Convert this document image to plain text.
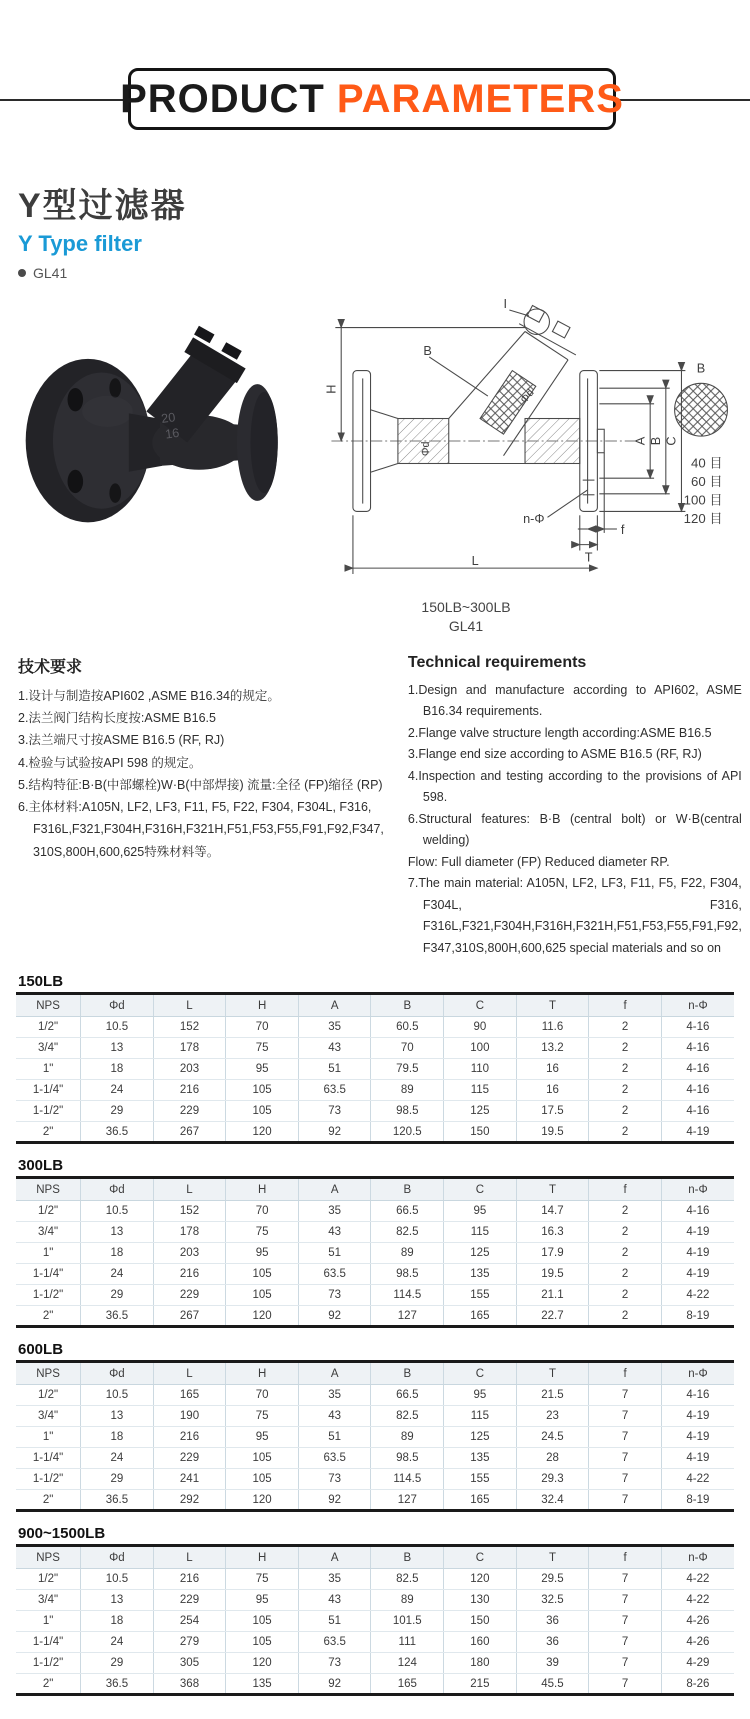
PRODUCT PARAMETERS
Y型过滤器
Y Type filter
GL41
20
16
H
B
I
Φd
Φd
A B C
n-Φ
f
T
L
B
40 目
60 目
100 目
120 目
150LB~300LB
GL41
技术要求
1.设计与制造按API602 ,ASME B16.34的规定。
2.法兰阀门结构长度按:ASME B16.5
3.法兰端尺寸按ASME B16.5 (RF, RJ)
4.检验与试验按API 598 的规定。
5.结构特征:B·B(中部螺栓)W·B(中部焊接) 流量:全径 (FP)缩径 (RP)
6.主体材料:A105N, LF2, LF3, F11, F5, F22, F304, F304L, F316, F316L,F321,F304H,F316H,F321H,F51,F53,F55,F91,F92,F347, 310S,800H,600,625特殊材料等。
Technical requirements
1.Design and manufacture according to API602, ASME B16.34 requirements.
2.Flange valve structure length according:ASME B16.5
3.Flange end size according to ASME B16.5 (RF, RJ)
4.Inspection and testing according to the provisions of API 598.
6.Structural features: B·B (central bolt) or W·B(central welding)
Flow: Full diameter (FP) Reduced diameter RP.
7.The main material: A105N, LF2, LF3, F11, F5, F22, F304, F304L, F316, F316L,F321,F304H,F316H,F321H,F51,F53,F55,F91,F92, F347,310S,800H,600,625 special materials and so on
150LB
NPS	Φd	L	H	A	B	C	T	f	n-Φ
1/2"	10.5	152	70	35	60.5	90	11.6	2	4-16
3/4"	13	178	75	43	70	100	13.2	2	4-16
1"	18	203	95	51	79.5	110	16	2	4-16
1-1/4"	24	216	105	63.5	89	115	16	2	4-16
1-1/2"	29	229	105	73	98.5	125	17.5	2	4-16
2"	36.5	267	120	92	120.5	150	19.5	2	4-19
300LB
NPS	Φd	L	H	A	B	C	T	f	n-Φ
1/2"	10.5	152	70	35	66.5	95	14.7	2	4-16
3/4"	13	178	75	43	82.5	115	16.3	2	4-19
1"	18	203	95	51	89	125	17.9	2	4-19
1-1/4"	24	216	105	63.5	98.5	135	19.5	2	4-19
1-1/2"	29	229	105	73	114.5	155	21.1	2	4-22
2"	36.5	267	120	92	127	165	22.7	2	8-19
600LB
NPS	Φd	L	H	A	B	C	T	f	n-Φ
1/2"	10.5	165	70	35	66.5	95	21.5	7	4-16
3/4"	13	190	75	43	82.5	115	23	7	4-19
1"	18	216	95	51	89	125	24.5	7	4-19
1-1/4"	24	229	105	63.5	98.5	135	28	7	4-19
1-1/2"	29	241	105	73	114.5	155	29.3	7	4-22
2"	36.5	292	120	92	127	165	32.4	7	8-19
900~1500LB
NPS	Φd	L	H	A	B	C	T	f	n-Φ
1/2"	10.5	216	75	35	82.5	120	29.5	7	4-22
3/4"	13	229	95	43	89	130	32.5	7	4-22
1"	18	254	105	51	101.5	150	36	7	4-26
1-1/4"	24	279	105	63.5	111	160	36	7	4-26
1-1/2"	29	305	120	73	124	180	39	7	4-29
2"	36.5	368	135	92	165	215	45.5	7	8-26
